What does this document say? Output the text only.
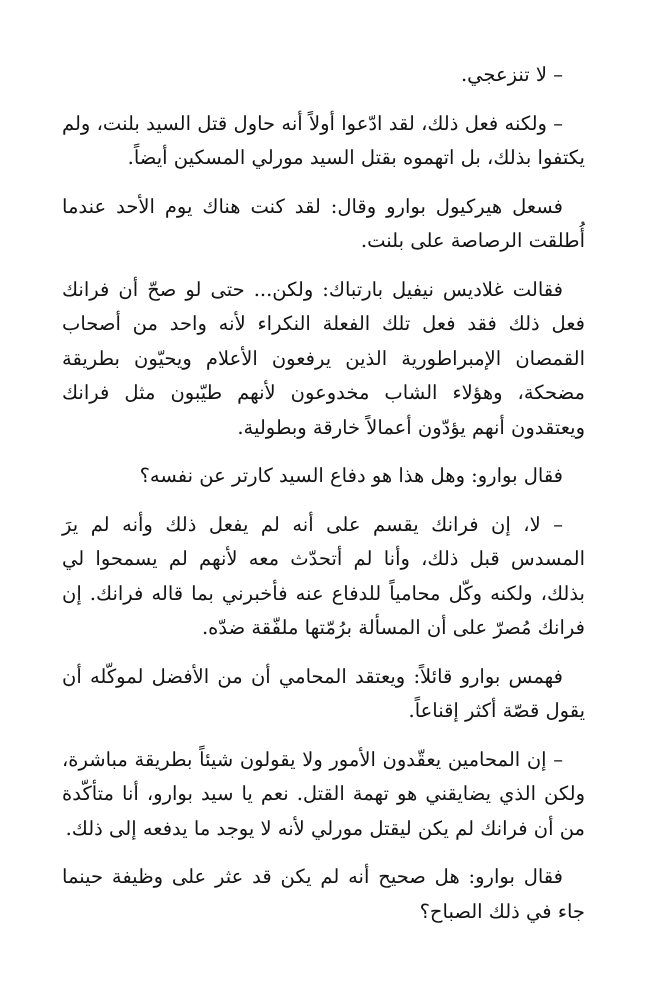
– لا تنزعجي.

– ولكنه فعل ذلك، لقد ادّعوا أولاً أنه حاول قتل السيد بلنت، ولم يكتفوا بذلك، بل اتهموه بقتل السيد مورلي المسكين أيضاً.

فسعل هيركيول بوارو وقال: لقد كنت هناك يوم الأحد عندما أُطلقت الرصاصة على بلنت.

فقالت غلاديس نيفيل بارتباك: ولكن... حتى لو صحّ أن فرانك فعل ذلك فقد فعل تلك الفعلة النكراء لأنه واحد من أصحاب القمصان الإمبراطورية الذين يرفعون الأعلام ويحيّون بطريقة مضحكة، وهؤلاء الشاب مخدوعون لأنهم طيّبون مثل فرانك ويعتقدون أنهم يؤدّون أعمالاً خارقة وبطولية.

فقال بوارو: وهل هذا هو دفاع السيد كارتر عن نفسه؟

– لا، إن فرانك يقسم على أنه لم يفعل ذلك وأنه لم يرَ المسدس قبل ذلك، وأنا لم أتحدّث معه لأنهم لم يسمحوا لي بذلك، ولكنه وكّل محامياً للدفاع عنه فأخبرني بما قاله فرانك. إن فرانك مُصرّ على أن المسألة برُمّتها ملفّقة ضدّه.

فهمس بوارو قائلاً: ويعتقد المحامي أن من الأفضل لموكّله أن يقول قصّة أكثر إقناعاً.

– إن المحامين يعقّدون الأمور ولا يقولون شيئاً بطريقة مباشرة، ولكن الذي يضايقني هو تهمة القتل. نعم يا سيد بوارو، أنا متأكّدة من أن فرانك لم يكن ليقتل مورلي لأنه لا يوجد ما يدفعه إلى ذلك.

فقال بوارو: هل صحيح أنه لم يكن قد عثر على وظيفة حينما جاء في ذلك الصباح؟
